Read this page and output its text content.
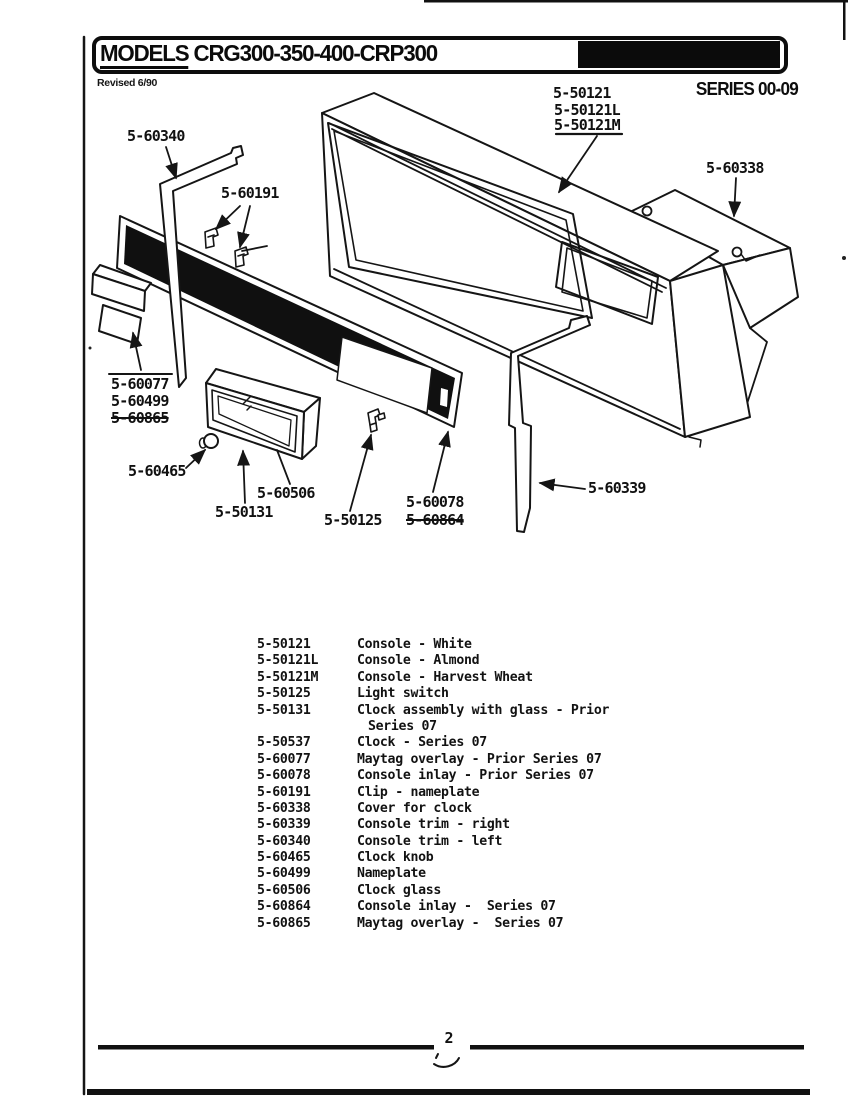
MODELS CRG300-350-400-CRP300
Revised 6/90	SERIES 00-09
5-60340
5-60191
5-50121
5-50121L
5-50121M
5-60338
5-60077
5-60499
5-60865
5-60465
5-60506
5-50131	5-50125
5-60078
5-60864
5-60339
5-50121	Console - White
5-50121L	Console - Almond
5-50121M	Console - Harvest Wheat
5-50125	Light switch
5-50131	Clock assembly with glass - Prior
Series 07
5-50537	Clock - Series 07
5-60077	Maytag overlay - Prior Series 07
5-60078	Console inlay - Prior Series 07
5-60191	Clip - nameplate
5-60338	Cover for clock
5-60339	Console trim - right
5-60340	Console trim - left
5-60465	Clock knob
5-60499	Nameplate
5-60506	Clock glass
5-60864	Console inlay -  Series 07
5-60865	Maytag overlay -  Series 07
2
